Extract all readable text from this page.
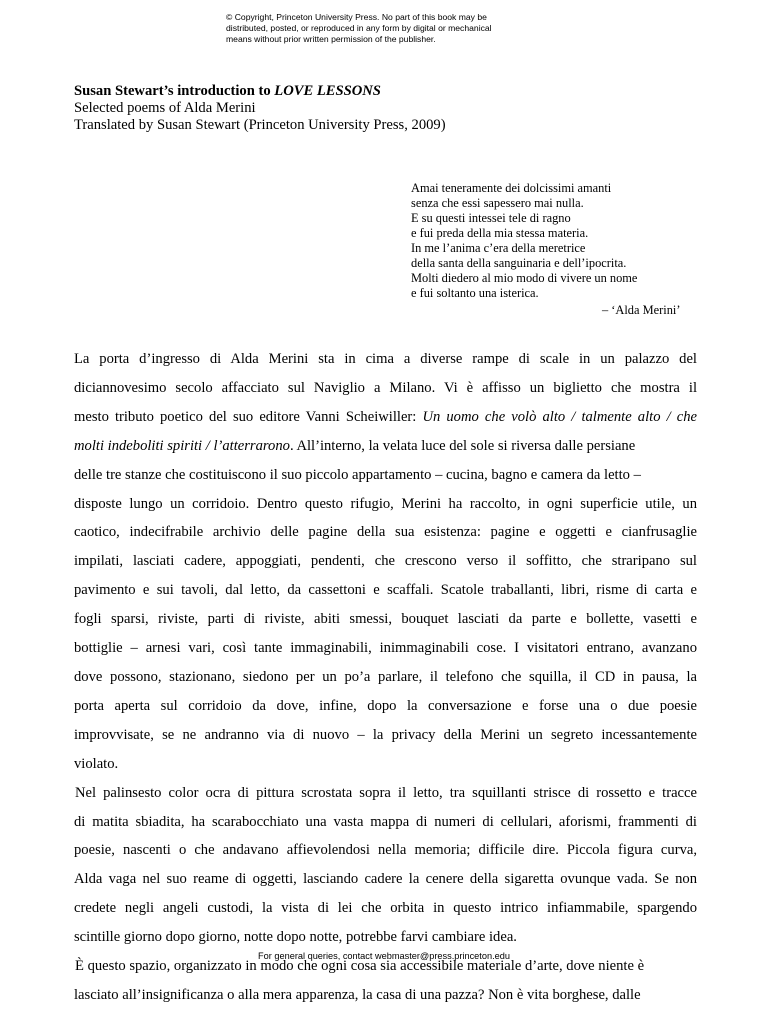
© Copyright, Princeton University Press. No part of this book may be
distributed, posted, or reproduced in any form by digital or mechanical
means without prior written permission of the publisher.
Susan Stewart’s introduction to LOVE LESSONS
Selected poems of Alda Merini
Translated by Susan Stewart (Princeton University Press, 2009)
Amai teneramente dei dolcissimi amanti
senza che essi sapessero mai nulla.
E su questi intessei tele di ragno
e fui preda della mia stessa materia.
In me l’anima c’era della meretrice
della santa della sanguinaria e dell’ipocrita.
Molti diedero al mio modo di vivere un nome
e fui soltanto una isterica.
– ‘Alda Merini’
La porta d’ingresso di Alda Merini sta in cima a diverse rampe di scale in un palazzo del
diciannovesimo secolo affacciato sul Naviglio a Milano. Vi è affisso un biglietto che mostra il
mesto tributo poetico del suo editore Vanni Scheiwiller: Un uomo che volò alto / talmente alto / che
molti indeboliti spiriti / l’atterrarono. All’interno, la velata luce del sole si riversa dalle persiane
delle tre stanze che costituiscono il suo piccolo appartamento – cucina, bagno e camera da letto –
disposte lungo un corridoio. Dentro questo rifugio, Merini ha raccolto, in ogni superficie utile, un
caotico, indecifrabile archivio delle pagine della sua esistenza: pagine e oggetti e cianfrusaglie
impilati, lasciati cadere, appoggiati, pendenti, che crescono verso il soffitto, che straripano sul
pavimento e sui tavoli, dal letto, da cassettoni e scaffali. Scatole traballanti, libri, risme di carta e
fogli sparsi, riviste, parti di riviste, abiti smessi, bouquet lasciati da parte e bollette, vasetti e
bottiglie – arnesi vari, così tante immaginabili, inimmaginabili cose. I visitatori entrano, avanzano
dove possono, stazionano, siedono per un po’a parlare, il telefono che squilla, il CD in pausa, la
porta aperta sul corridoio da dove, infine, dopo la conversazione e forse una o due poesie
improvvisate, se ne andranno via di nuovo – la privacy della Merini un segreto incessantemente
violato.
Nel palinsesto color ocra di pittura scrostata sopra il letto, tra squillanti strisce di rossetto e tracce
di matita sbiadita, ha scarabocchiato una vasta mappa di numeri di cellulari, aforismi, frammenti di
poesie, nascenti o che andavano affievolendosi nella memoria; difficile dire. Piccola figura curva,
Alda vaga nel suo reame di oggetti, lasciando cadere la cenere della sigaretta ovunque vada. Se non
credete negli angeli custodi, la vista di lei che orbita in questo intrico infiammabile, spargendo
scintille giorno dopo giorno, notte dopo notte, potrebbe farvi cambiare idea.
È questo spazio, organizzato in modo che ogni cosa sia accessibile materiale d’arte, dove niente è
lasciato all’insignificanza o alla mera apparenza, la casa di una pazza? Non è vita borghese, dalle
For general queries, contact webmaster@press.princeton.edu
